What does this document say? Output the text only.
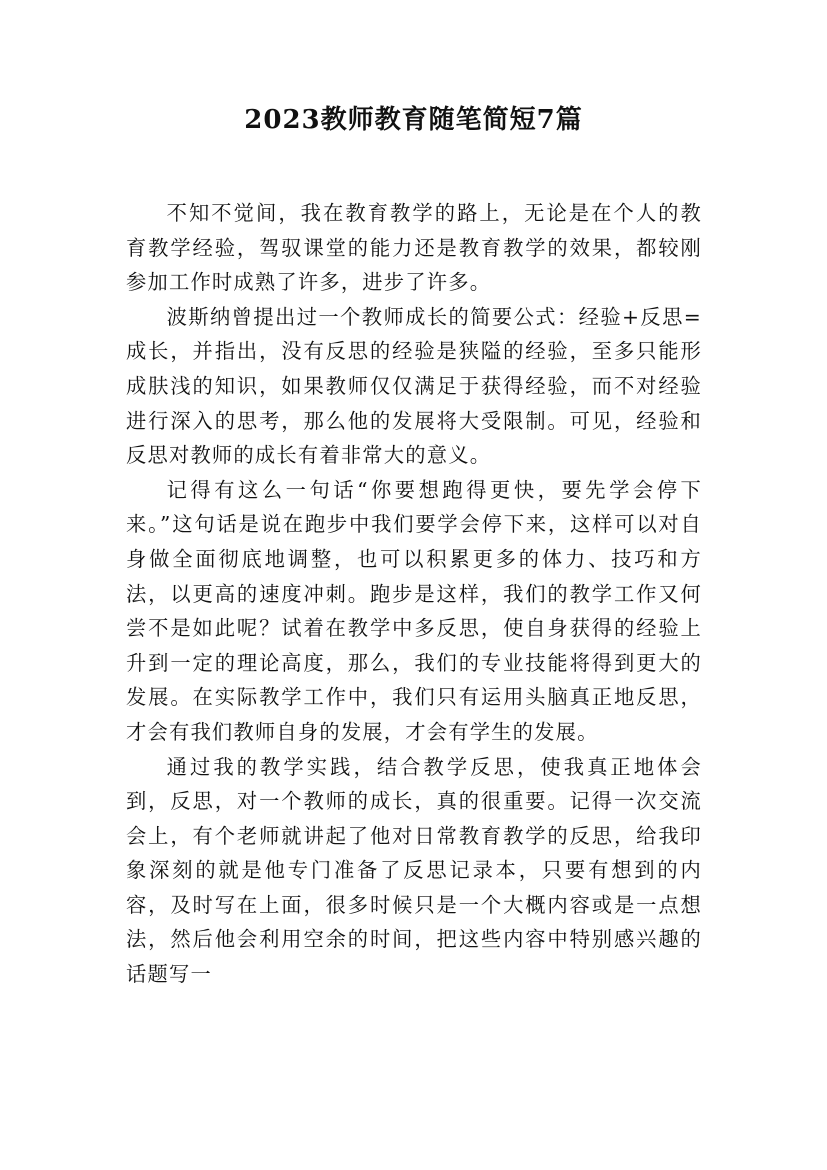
2023教师教育随笔简短7篇

不知不觉间，我在教育教学的路上，无论是在个人的教育教学经验，驾驭课堂的能力还是教育教学的效果，都较刚参加工作时成熟了许多，进步了许多。

波斯纳曾提出过一个教师成长的简要公式：经验+反思=成长，并指出，没有反思的经验是狭隘的经验，至多只能形成肤浅的知识，如果教师仅仅满足于获得经验，而不对经验进行深入的思考，那么他的发展将大受限制。可见，经验和反思对教师的成长有着非常大的意义。

记得有这么一句话“你要想跑得更快，要先学会停下来。”这句话是说在跑步中我们要学会停下来，这样可以对自身做全面彻底地调整，也可以积累更多的体力、技巧和方法，以更高的速度冲刺。跑步是这样，我们的教学工作又何尝不是如此呢？试着在教学中多反思，使自身获得的经验上升到一定的理论高度，那么，我们的专业技能将得到更大的发展。在实际教学工作中，我们只有运用头脑真正地反思，才会有我们教师自身的发展，才会有学生的发展。

通过我的教学实践，结合教学反思，使我真正地体会到，反思，对一个教师的成长，真的很重要。记得一次交流会上，有个老师就讲起了他对日常教育教学的反思，给我印象深刻的就是他专门准备了反思记录本，只要有想到的内容，及时写在上面，很多时候只是一个大概内容或是一点想法，然后他会利用空余的时间，把这些内容中特别感兴趣的话题写一
